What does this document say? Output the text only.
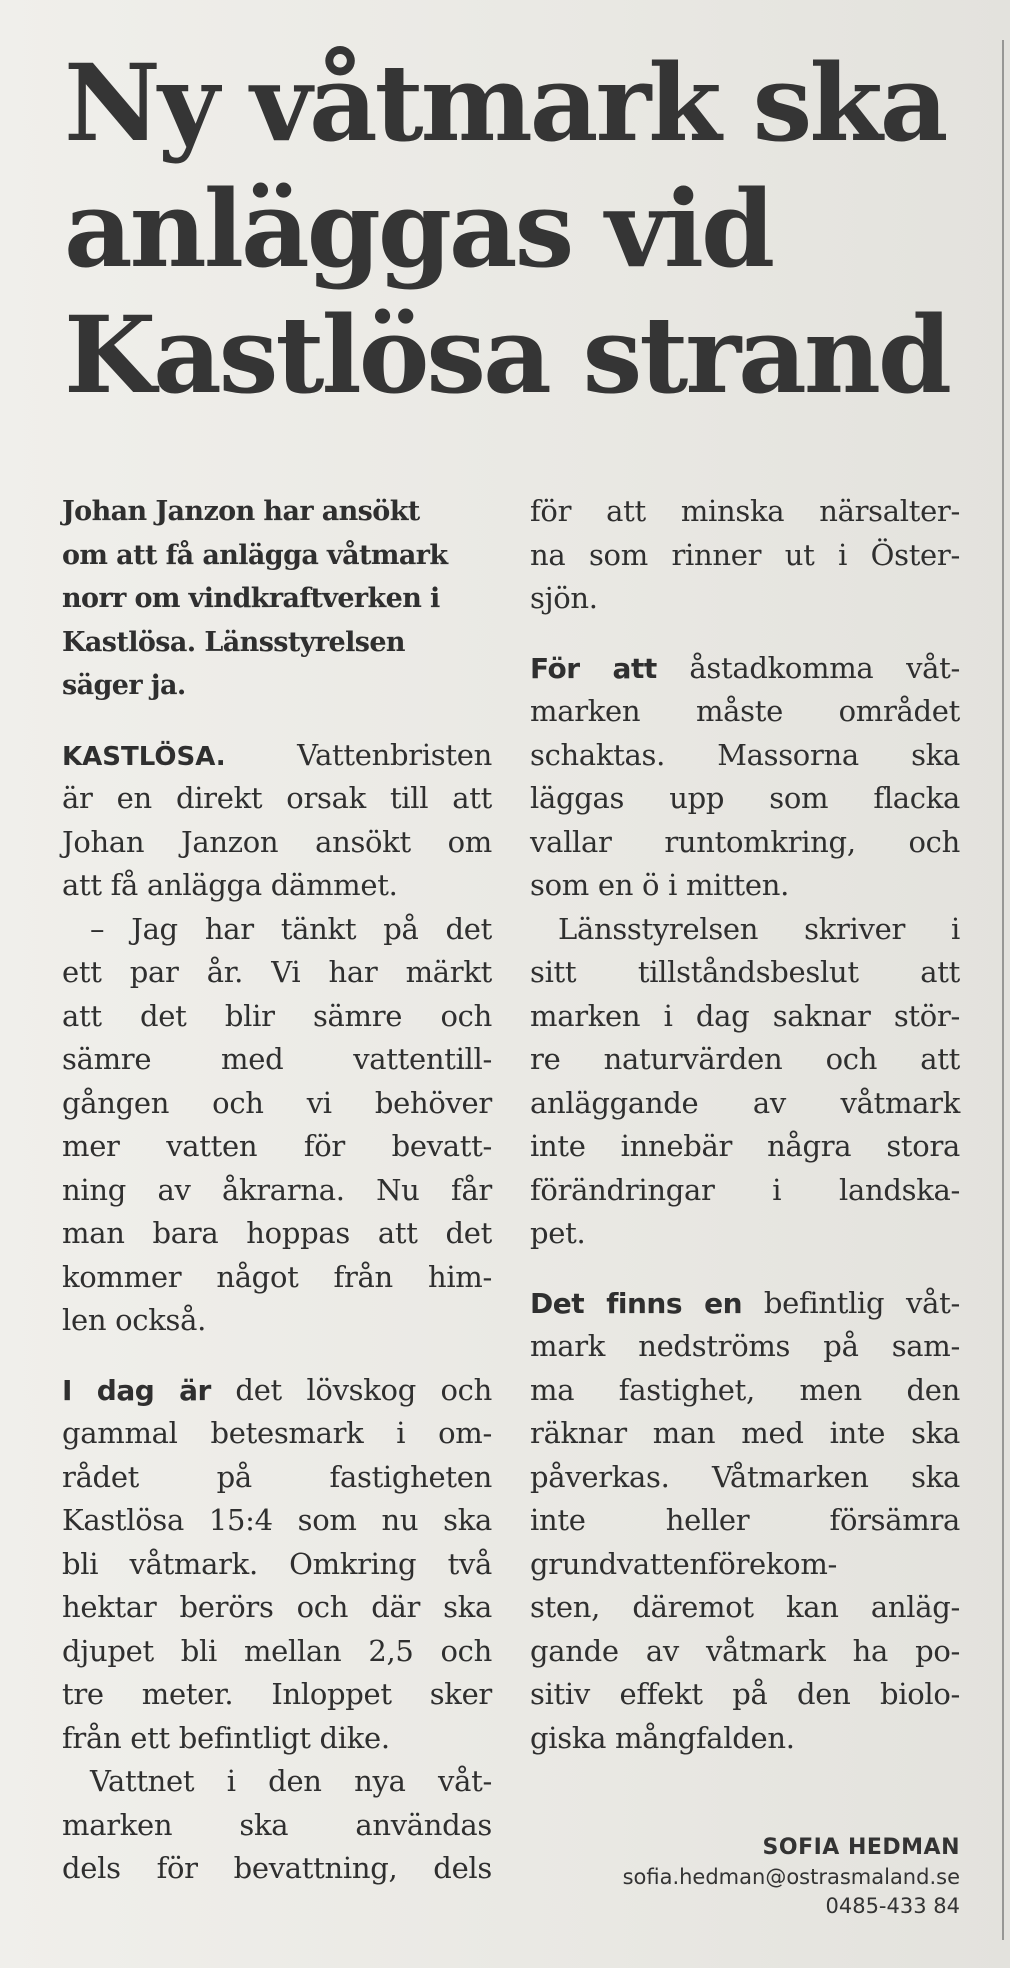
Ny våtmark ska
anläggas vid
Kastlösa strand
Johan Janzon har ansökt
om att få anlägga våtmark
norr om vindkraftverken i
Kastlösa. Länsstyrelsen
säger ja.
KASTLÖSA. Vattenbristen
är en direkt orsak till att
Johan Janzon ansökt om
att få anlägga dämmet.
– Jag har tänkt på det
ett par år. Vi har märkt
att det blir sämre och
sämre med vattentill-
gången och vi behöver
mer vatten för bevatt-
ning av åkrarna. Nu får
man bara hoppas att det
kommer något från him-
len också.
I dag är det lövskog och
gammal betesmark i om-
rådet på fastigheten
Kastlösa 15:4 som nu ska
bli våtmark. Omkring två
hektar berörs och där ska
djupet bli mellan 2,5 och
tre meter. Inloppet sker
från ett befintligt dike.
Vattnet i den nya våt-
marken ska användas
dels för bevattning, dels
för att minska närsalter-
na som rinner ut i Öster-
sjön.
För att åstadkomma våt-
marken måste området
schaktas. Massorna ska
läggas upp som flacka
vallar runtomkring, och
som en ö i mitten.
Länsstyrelsen skriver i
sitt tillståndsbeslut att
marken i dag saknar stör-
re naturvärden och att
anläggande av våtmark
inte innebär några stora
förändringar i landska-
pet.
Det finns en befintlig våt-
mark nedströms på sam-
ma fastighet, men den
räknar man med inte ska
påverkas. Våtmarken ska
inte heller försämra
grundvattenförekom-
sten, däremot kan anläg-
gande av våtmark ha po-
sitiv effekt på den biolo-
giska mångfalden.
SOFIA HEDMAN
sofia.hedman@ostrasmaland.se
0485-433 84
